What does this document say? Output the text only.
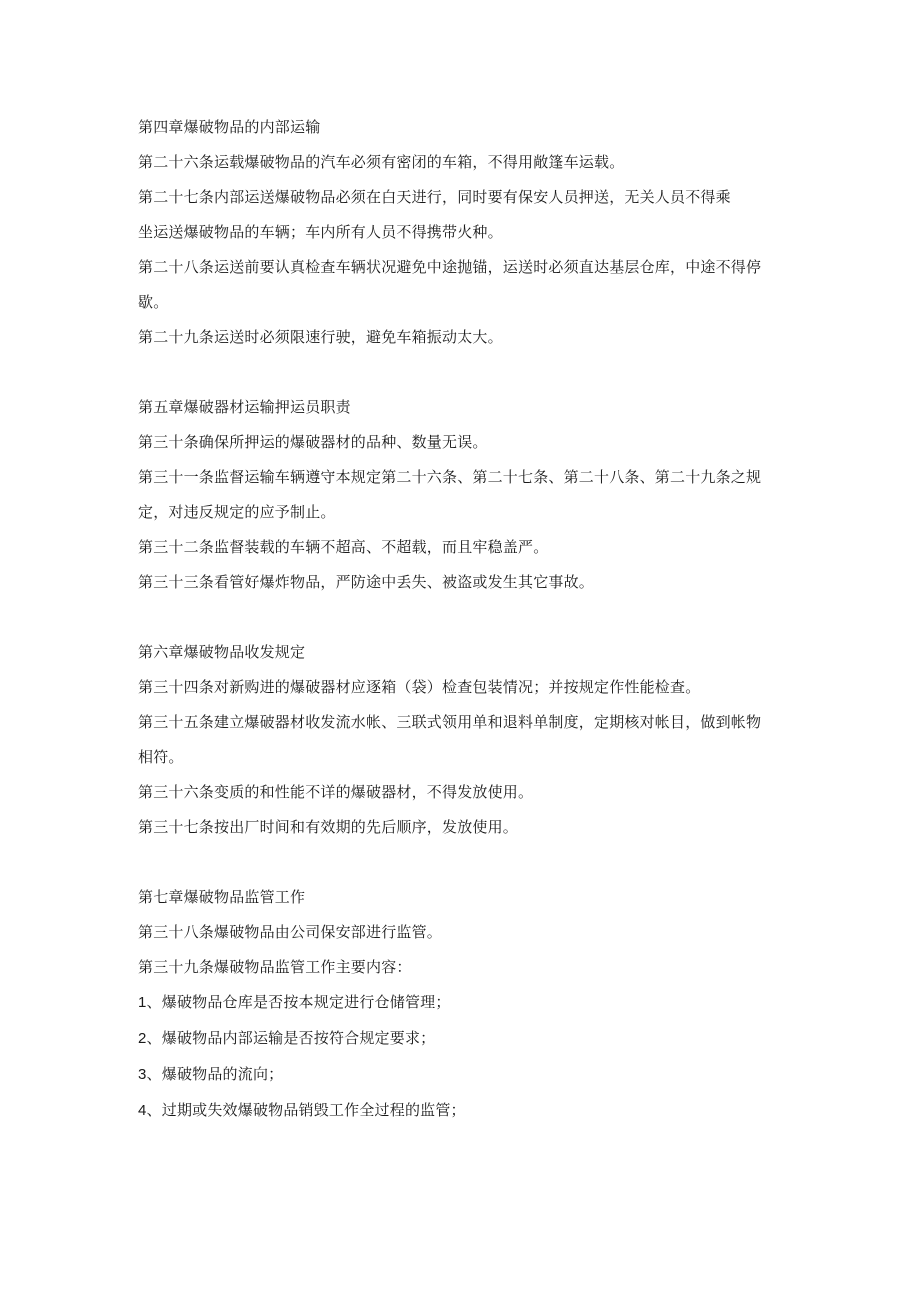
第四章爆破物品的内部运输

第二十六条运载爆破物品的汽车必须有密闭的车箱，不得用敞篷车运载。

第二十七条内部运送爆破物品必须在白天进行，同时要有保安人员押送，无关人员不得乘

坐运送爆破物品的车辆；车内所有人员不得携带火种。

第二十八条运送前要认真检查车辆状况避免中途抛锚，运送时必须直达基层仓库，中途不得停

歇。

第二十九条运送时必须限速行驶，避免车箱振动太大。

第五章爆破器材运输押运员职责

第三十条确保所押运的爆破器材的品种、数量无误。

第三十一条监督运输车辆遵守本规定第二十六条、第二十七条、第二十八条、第二十九条之规

定，对违反规定的应予制止。

第三十二条监督装载的车辆不超高、不超载，而且牢稳盖严。

第三十三条看管好爆炸物品，严防途中丢失、被盗或发生其它事故。

第六章爆破物品收发规定

第三十四条对新购进的爆破器材应逐箱（袋）检查包装情况；并按规定作性能检查。

第三十五条建立爆破器材收发流水帐、三联式领用单和退料单制度，定期核对帐目，做到帐物

相符。

第三十六条变质的和性能不详的爆破器材，不得发放使用。

第三十七条按出厂时间和有效期的先后顺序，发放使用。

第七章爆破物品监管工作

第三十八条爆破物品由公司保安部进行监管。

第三十九条爆破物品监管工作主要内容：

1、爆破物品仓库是否按本规定进行仓储管理；

2、爆破物品内部运输是否按符合规定要求；

3、爆破物品的流向；

4、过期或失效爆破物品销毁工作全过程的监管；
